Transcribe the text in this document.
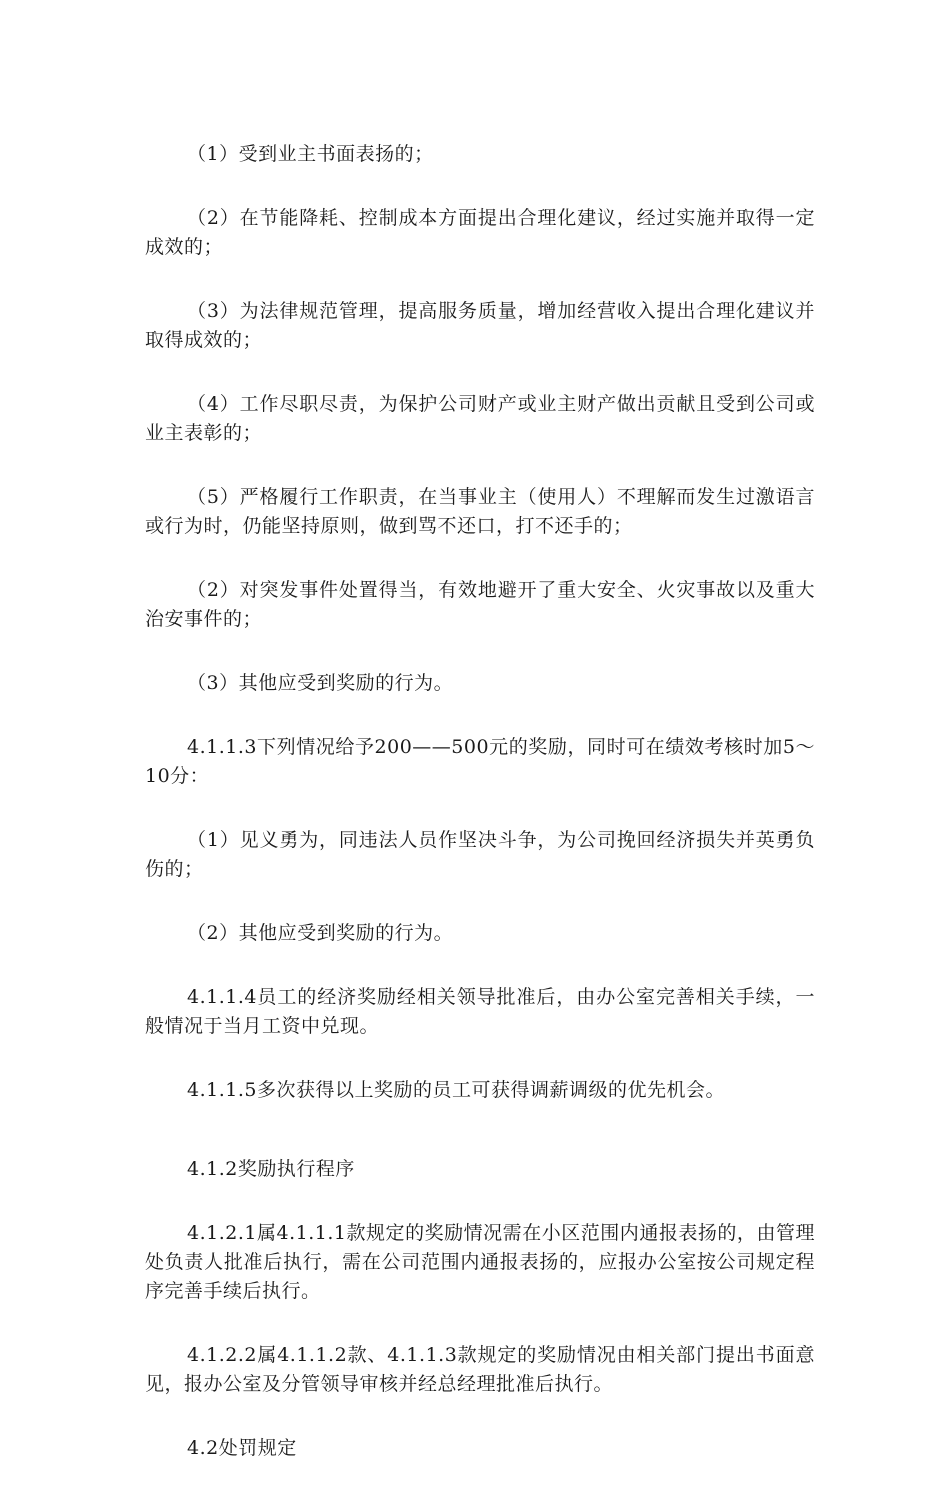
（1）受到业主书面表扬的；

（2）在节能降耗、控制成本方面提出合理化建议，经过实施并取得一定成效的；

（3）为法律规范管理，提高服务质量，增加经营收入提出合理化建议并取得成效的；

（4）工作尽职尽责，为保护公司财产或业主财产做出贡献且受到公司或业主表彰的；

（5）严格履行工作职责，在当事业主（使用人）不理解而发生过激语言或行为时，仍能坚持原则，做到骂不还口，打不还手的；

（2）对突发事件处置得当，有效地避开了重大安全、火灾事故以及重大治安事件的；

（3）其他应受到奖励的行为。

4.1.1.3下列情况给予200——500元的奖励，同时可在绩效考核时加5～10分：

（1）见义勇为，同违法人员作坚决斗争，为公司挽回经济损失并英勇负伤的；

（2）其他应受到奖励的行为。

4.1.1.4员工的经济奖励经相关领导批准后，由办公室完善相关手续，一般情况于当月工资中兑现。

4.1.1.5多次获得以上奖励的员工可获得调薪调级的优先机会。

4.1.2奖励执行程序

4.1.2.1属4.1.1.1款规定的奖励情况需在小区范围内通报表扬的，由管理处负责人批准后执行，需在公司范围内通报表扬的，应报办公室按公司规定程序完善手续后执行。

4.1.2.2属4.1.1.2款、4.1.1.3款规定的奖励情况由相关部门提出书面意见，报办公室及分管领导审核并经总经理批准后执行。

4.2处罚规定
